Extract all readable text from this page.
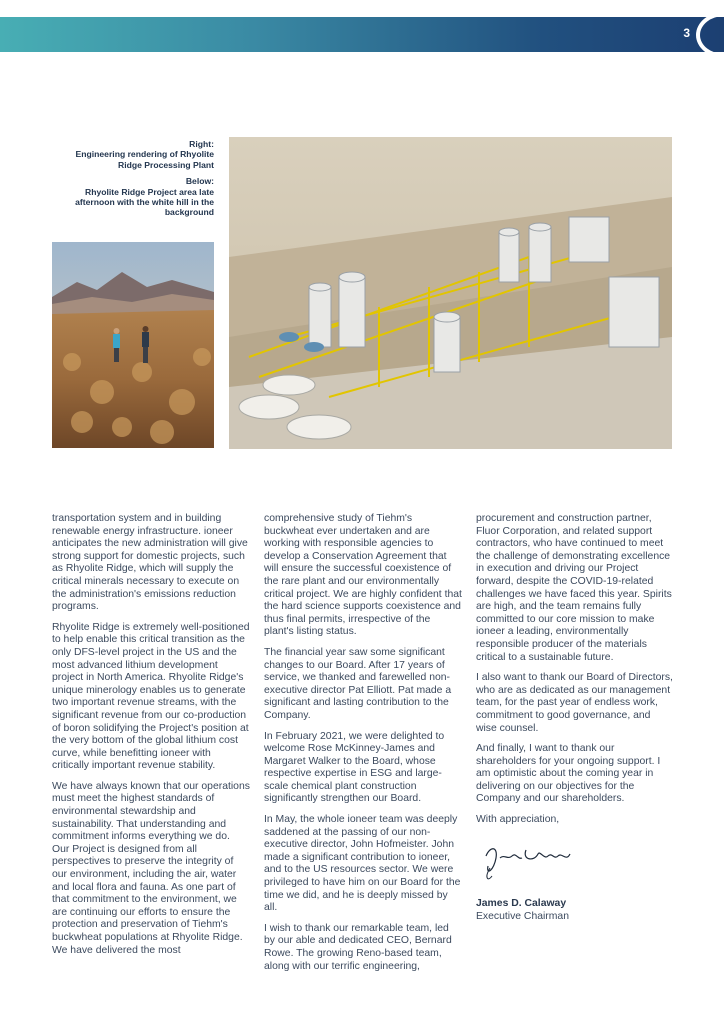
3
Right:
Engineering rendering of Rhyolite Ridge Processing Plant
Below:
Rhyolite Ridge Project area late afternoon with the white hill in the background

transportation system and in building renewable energy infrastructure. ioneer anticipates the new administration will give strong support for domestic projects, such as Rhyolite Ridge, which will supply the critical minerals necessary to execute on the administration's emissions reduction programs.

Rhyolite Ridge is extremely well-positioned to help enable this critical transition as the only DFS-level project in the US and the most advanced lithium development project in North America. Rhyolite Ridge's unique minerology enables us to generate two important revenue streams, with the significant revenue from our co-production of boron solidifying the Project's position at the very bottom of the global lithium cost curve, while benefitting ioneer with critically important revenue stability.

We have always known that our operations must meet the highest standards of environmental stewardship and sustainability. That understanding and commitment informs everything we do. Our Project is designed from all perspectives to preserve the integrity of our environment, including the air, water and local flora and fauna. As one part of that commitment to the environment, we are continuing our efforts to ensure the protection and preservation of Tiehm's buckwheat populations at Rhyolite Ridge. We have delivered the most

comprehensive study of Tiehm's buckwheat ever undertaken and are working with responsible agencies to develop a Conservation Agreement that will ensure the successful coexistence of the rare plant and our environmentally critical project. We are highly confident that the hard science supports coexistence and thus final permits, irrespective of the plant's listing status.

The financial year saw some significant changes to our Board. After 17 years of service, we thanked and farewelled non-executive director Pat Elliott. Pat made a significant and lasting contribution to the Company.

In February 2021, we were delighted to welcome Rose McKinney-James and Margaret Walker to the Board, whose respective expertise in ESG and large-scale chemical plant construction significantly strengthen our Board.

In May, the whole ioneer team was deeply saddened at the passing of our non-executive director, John Hofmeister. John made a significant contribution to ioneer, and to the US resources sector. We were privileged to have him on our Board for the time we did, and he is deeply missed by all.

I wish to thank our remarkable team, led by our able and dedicated CEO, Bernard Rowe. The growing Reno-based team, along with our terrific engineering,

procurement and construction partner, Fluor Corporation, and related support contractors, who have continued to meet the challenge of demonstrating excellence in execution and driving our Project forward, despite the COVID-19-related challenges we have faced this year. Spirits are high, and the team remains fully committed to our core mission to make ioneer a leading, environmentally responsible producer of the materials critical to a sustainable future.

I also want to thank our Board of Directors, who are as dedicated as our management team, for the past year of endless work, commitment to good governance, and wise counsel.

And finally, I want to thank our shareholders for your ongoing support. I am optimistic about the coming year in delivering on our objectives for the Company and our shareholders.

With appreciation,

James D. Calaway
Executive Chairman
